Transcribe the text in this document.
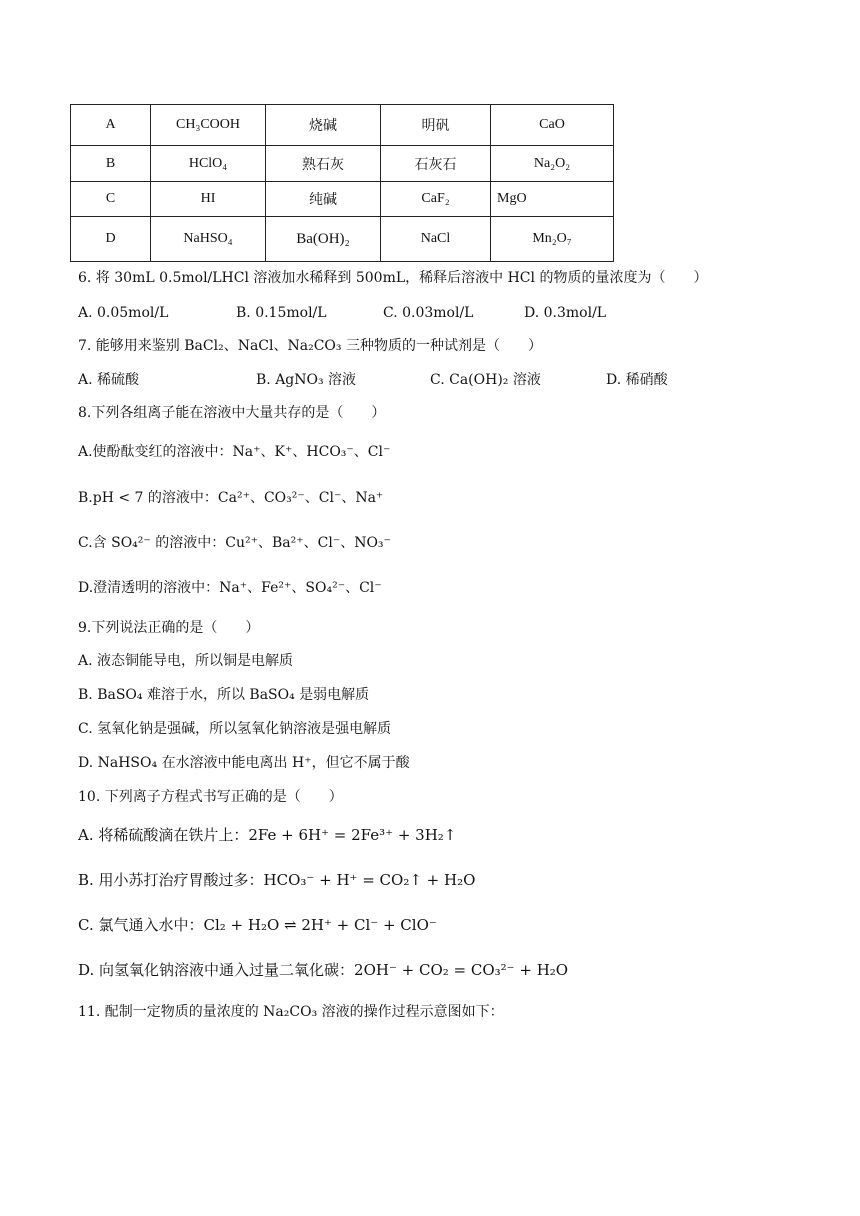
A	CH₃COOH	烧碱	明矾	CaO
B	HClO₄	熟石灰	石灰石	Na₂O₂
C	HI	纯碱	CaF₂	MgO
D	NaHSO₄	Ba(OH)₂	NaCl	Mn₂O₇
6. 将 30mL 0.5mol/LHCl 溶液加水稀释到 500mL，稀释后溶液中 HCl 的物质的量浓度为（　　）
A. 0.05mol/L	B. 0.15mol/L	C. 0.03mol/L	D. 0.3mol/L
7. 能够用来鉴别 BaCl₂、NaCl、Na₂CO₃ 三种物质的一种试剂是（　　）
A. 稀硫酸	B. AgNO₃ 溶液	C. Ca(OH)₂ 溶液	D. 稀硝酸
8.下列各组离子能在溶液中大量共存的是（　　）
A.使酚酞变红的溶液中：Na⁺、K⁺、HCO₃⁻、Cl⁻
B.pH < 7 的溶液中：Ca²⁺、CO₃²⁻、Cl⁻、Na⁺
C.含 SO₄²⁻ 的溶液中：Cu²⁺、Ba²⁺、Cl⁻、NO₃⁻
D.澄清透明的溶液中：Na⁺、Fe²⁺、SO₄²⁻、Cl⁻
9.下列说法正确的是（　　）
A. 液态铜能导电，所以铜是电解质
B. BaSO₄ 难溶于水，所以 BaSO₄ 是弱电解质
C. 氢氧化钠是强碱，所以氢氧化钠溶液是强电解质
D. NaHSO₄ 在水溶液中能电离出 H⁺，但它不属于酸
10. 下列离子方程式书写正确的是（　　）
A. 将稀硫酸滴在铁片上：2Fe + 6H⁺ = 2Fe³⁺ + 3H₂↑
B. 用小苏打治疗胃酸过多：HCO₃⁻ + H⁺ = CO₂↑ + H₂O
C. 氯气通入水中：Cl₂ + H₂O ⇌ 2H⁺ + Cl⁻ + ClO⁻
D. 向氢氧化钠溶液中通入过量二氧化碳：2OH⁻ + CO₂ = CO₃²⁻ + H₂O
11. 配制一定物质的量浓度的 Na₂CO₃ 溶液的操作过程示意图如下：
